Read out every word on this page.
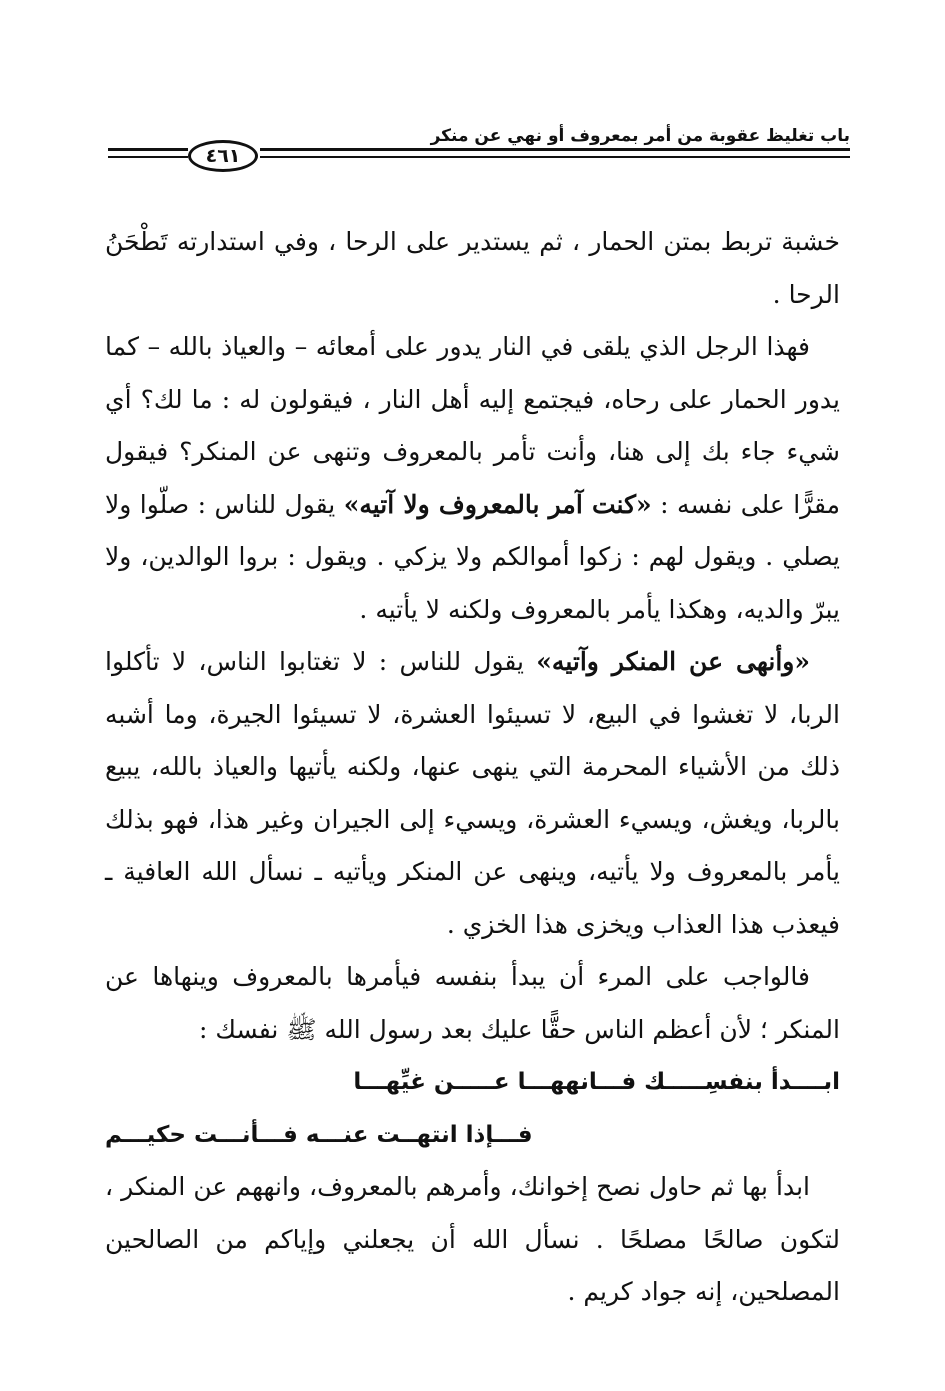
باب تغليظ عقوبة من أمر بمعروف أو نهي عن منكر
٤٦١

خشبة تربط بمتن الحمار ، ثم يستدير على الرحا ، وفي استدارته تَطْحَنُ الرحا .

فهذا الرجل الذي يلقى في النار يدور على أمعائه – والعياذ بالله – كما يدور الحمار على رحاه، فيجتمع إليه أهل النار ، فيقولون له : ما لك؟ أي شيء جاء بك إلى هنا، وأنت تأمر بالمعروف وتنهى عن المنكر؟ فيقول مقرًّا على نفسه : «كنت آمر بالمعروف ولا آتيه» يقول للناس : صلّوا ولا يصلي . ويقول لهم : زكوا أموالكم ولا يزكي . ويقول : بروا الوالدين، ولا يبرّ والديه، وهكذا يأمر بالمعروف ولكنه لا يأتيه .

«وأنهى عن المنكر وآتيه» يقول للناس : لا تغتابوا الناس، لا تأكلوا الربا، لا تغشوا في البيع، لا تسيئوا العشرة، لا تسيئوا الجيرة، وما أشبه ذلك من الأشياء المحرمة التي ينهى عنها، ولكنه يأتيها والعياذ بالله، يبيع بالربا، ويغش، ويسيء العشرة، ويسيء إلى الجيران وغير هذا، فهو بذلك يأمر بالمعروف ولا يأتيه، وينهى عن المنكر ويأتيه ـ نسأل الله العافية ـ فيعذب هذا العذاب ويخزى هذا الخزي .

فالواجب على المرء أن يبدأ بنفسه فيأمرها بالمعروف وينهاها عن المنكر ؛ لأن أعظم الناس حقًّا عليك بعد رسول الله ﷺ نفسك :

ابــــدأ بنفسِـــــك فـــانههـــا عـــــن غيِّهـــا

فـــإذا انتهــت عنـــه فـــأنـــت حكيـــم

ابدأ بها ثم حاول نصح إخوانك، وأمرهم بالمعروف، وانههم عن المنكر ، لتكون صالحًا مصلحًا . نسأل الله أن يجعلني وإياكم من الصالحين المصلحين، إنه جواد كريم .
